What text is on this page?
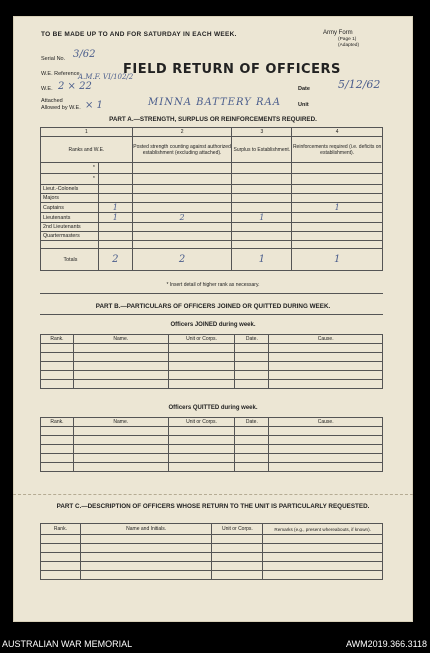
TO BE MADE UP TO AND FOR SATURDAY IN EACH WEEK.	Army Form
(Page 1)
(Adapted)
Serial No. 3/62
W.E. Reference
A.M.F. VI/102/2
W.E. 2 × 22
Attached
Allowed by W.E. × 1
FIELD RETURN OF OFFICERS
Date	5/12/62
MINNA BATTERY RAA	Unit
PART A.—STRENGTH, SURPLUS OR REINFORCEMENTS REQUIRED.
1		2	3	4
Ranks and W.E.		Posted strength counting against authorized establishment (excluding attached).	Surplus to Establishment.	Reinforcements required (i.e. deficits on establishment).
*				
*				
Lieut.-Colonels				
Majors				
Captains	1			1
Lieutenants	1	2	1	
2nd Lieutenants				
Quartermasters				

Totals	2	2	1	1
* Insert detail of higher rank as necessary.
PART B.—PARTICULARS OF OFFICERS JOINED OR QUITTED DURING WEEK.
Officers JOINED during week.
Rank.	Name.	Unit or Corps.	Date.	Cause.

Officers QUITTED during week.
Rank.	Name.	Unit or Corps.	Date.	Cause.

PART C.—DESCRIPTION OF OFFICERS WHOSE RETURN TO THE UNIT IS PARTICULARLY REQUESTED.
Rank.	Name and Initials.	Unit or Corps.	Remarks (e.g., present whereabouts, if known).

AUSTRALIAN WAR MEMORIAL	AWM2019.366.3118
